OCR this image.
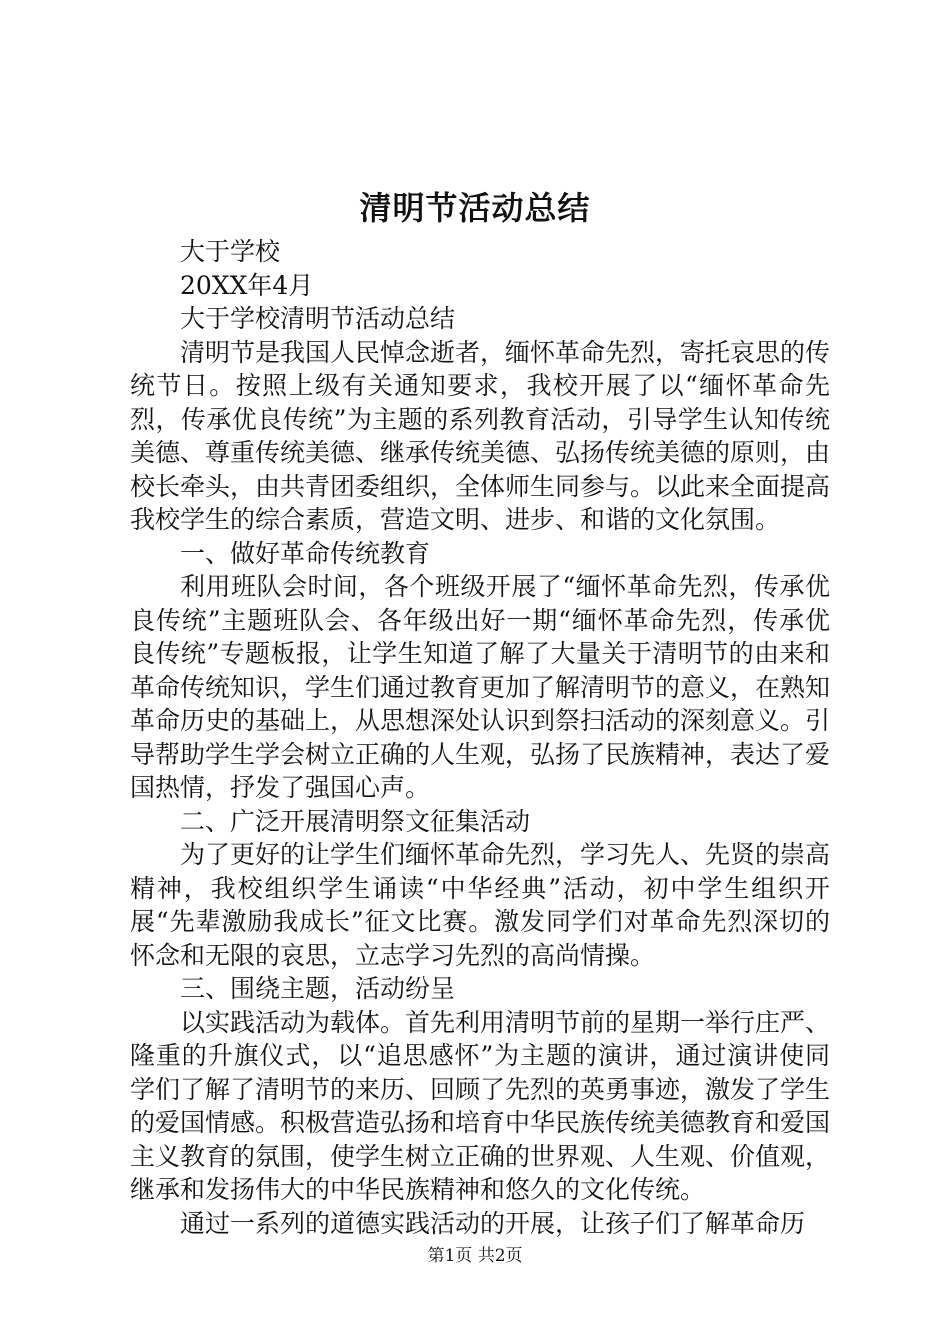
清明节活动总结

大于学校

20XX年4月

大于学校清明节活动总结

清明节是我国人民悼念逝者，缅怀革命先烈，寄托哀思的传统节日。按照上级有关通知要求，我校开展了以“缅怀革命先烈，传承优良传统”为主题的系列教育活动，引导学生认知传统美德、尊重传统美德、继承传统美德、弘扬传统美德的原则，由校长牵头，由共青团委组织，全体师生同参与。以此来全面提高我校学生的综合素质，营造文明、进步、和谐的文化氛围。

一、做好革命传统教育

利用班队会时间，各个班级开展了“缅怀革命先烈，传承优良传统”主题班队会、各年级出好一期“缅怀革命先烈，传承优良传统”专题板报，让学生知道了解了大量关于清明节的由来和革命传统知识，学生们通过教育更加了解清明节的意义，在熟知革命历史的基础上，从思想深处认识到祭扫活动的深刻意义。引导帮助学生学会树立正确的人生观，弘扬了民族精神，表达了爱国热情，抒发了强国心声。

二、广泛开展清明祭文征集活动

为了更好的让学生们缅怀革命先烈，学习先人、先贤的崇高精神，我校组织学生诵读“中华经典”活动，初中学生组织开展“先辈激励我成长”征文比赛。激发同学们对革命先烈深切的怀念和无限的哀思，立志学习先烈的高尚情操。

三、围绕主题，活动纷呈

以实践活动为载体。首先利用清明节前的星期一举行庄严、隆重的升旗仪式，以“追思感怀”为主题的演讲，通过演讲使同学们了解了清明节的来历、回顾了先烈的英勇事迹，激发了学生的爱国情感。积极营造弘扬和培育中华民族传统美德教育和爱国主义教育的氛围，使学生树立正确的世界观、人生观、价值观，继承和发扬伟大的中华民族精神和悠久的文化传统。

通过一系列的道德实践活动的开展，让孩子们了解革命历

第1页 共2页
